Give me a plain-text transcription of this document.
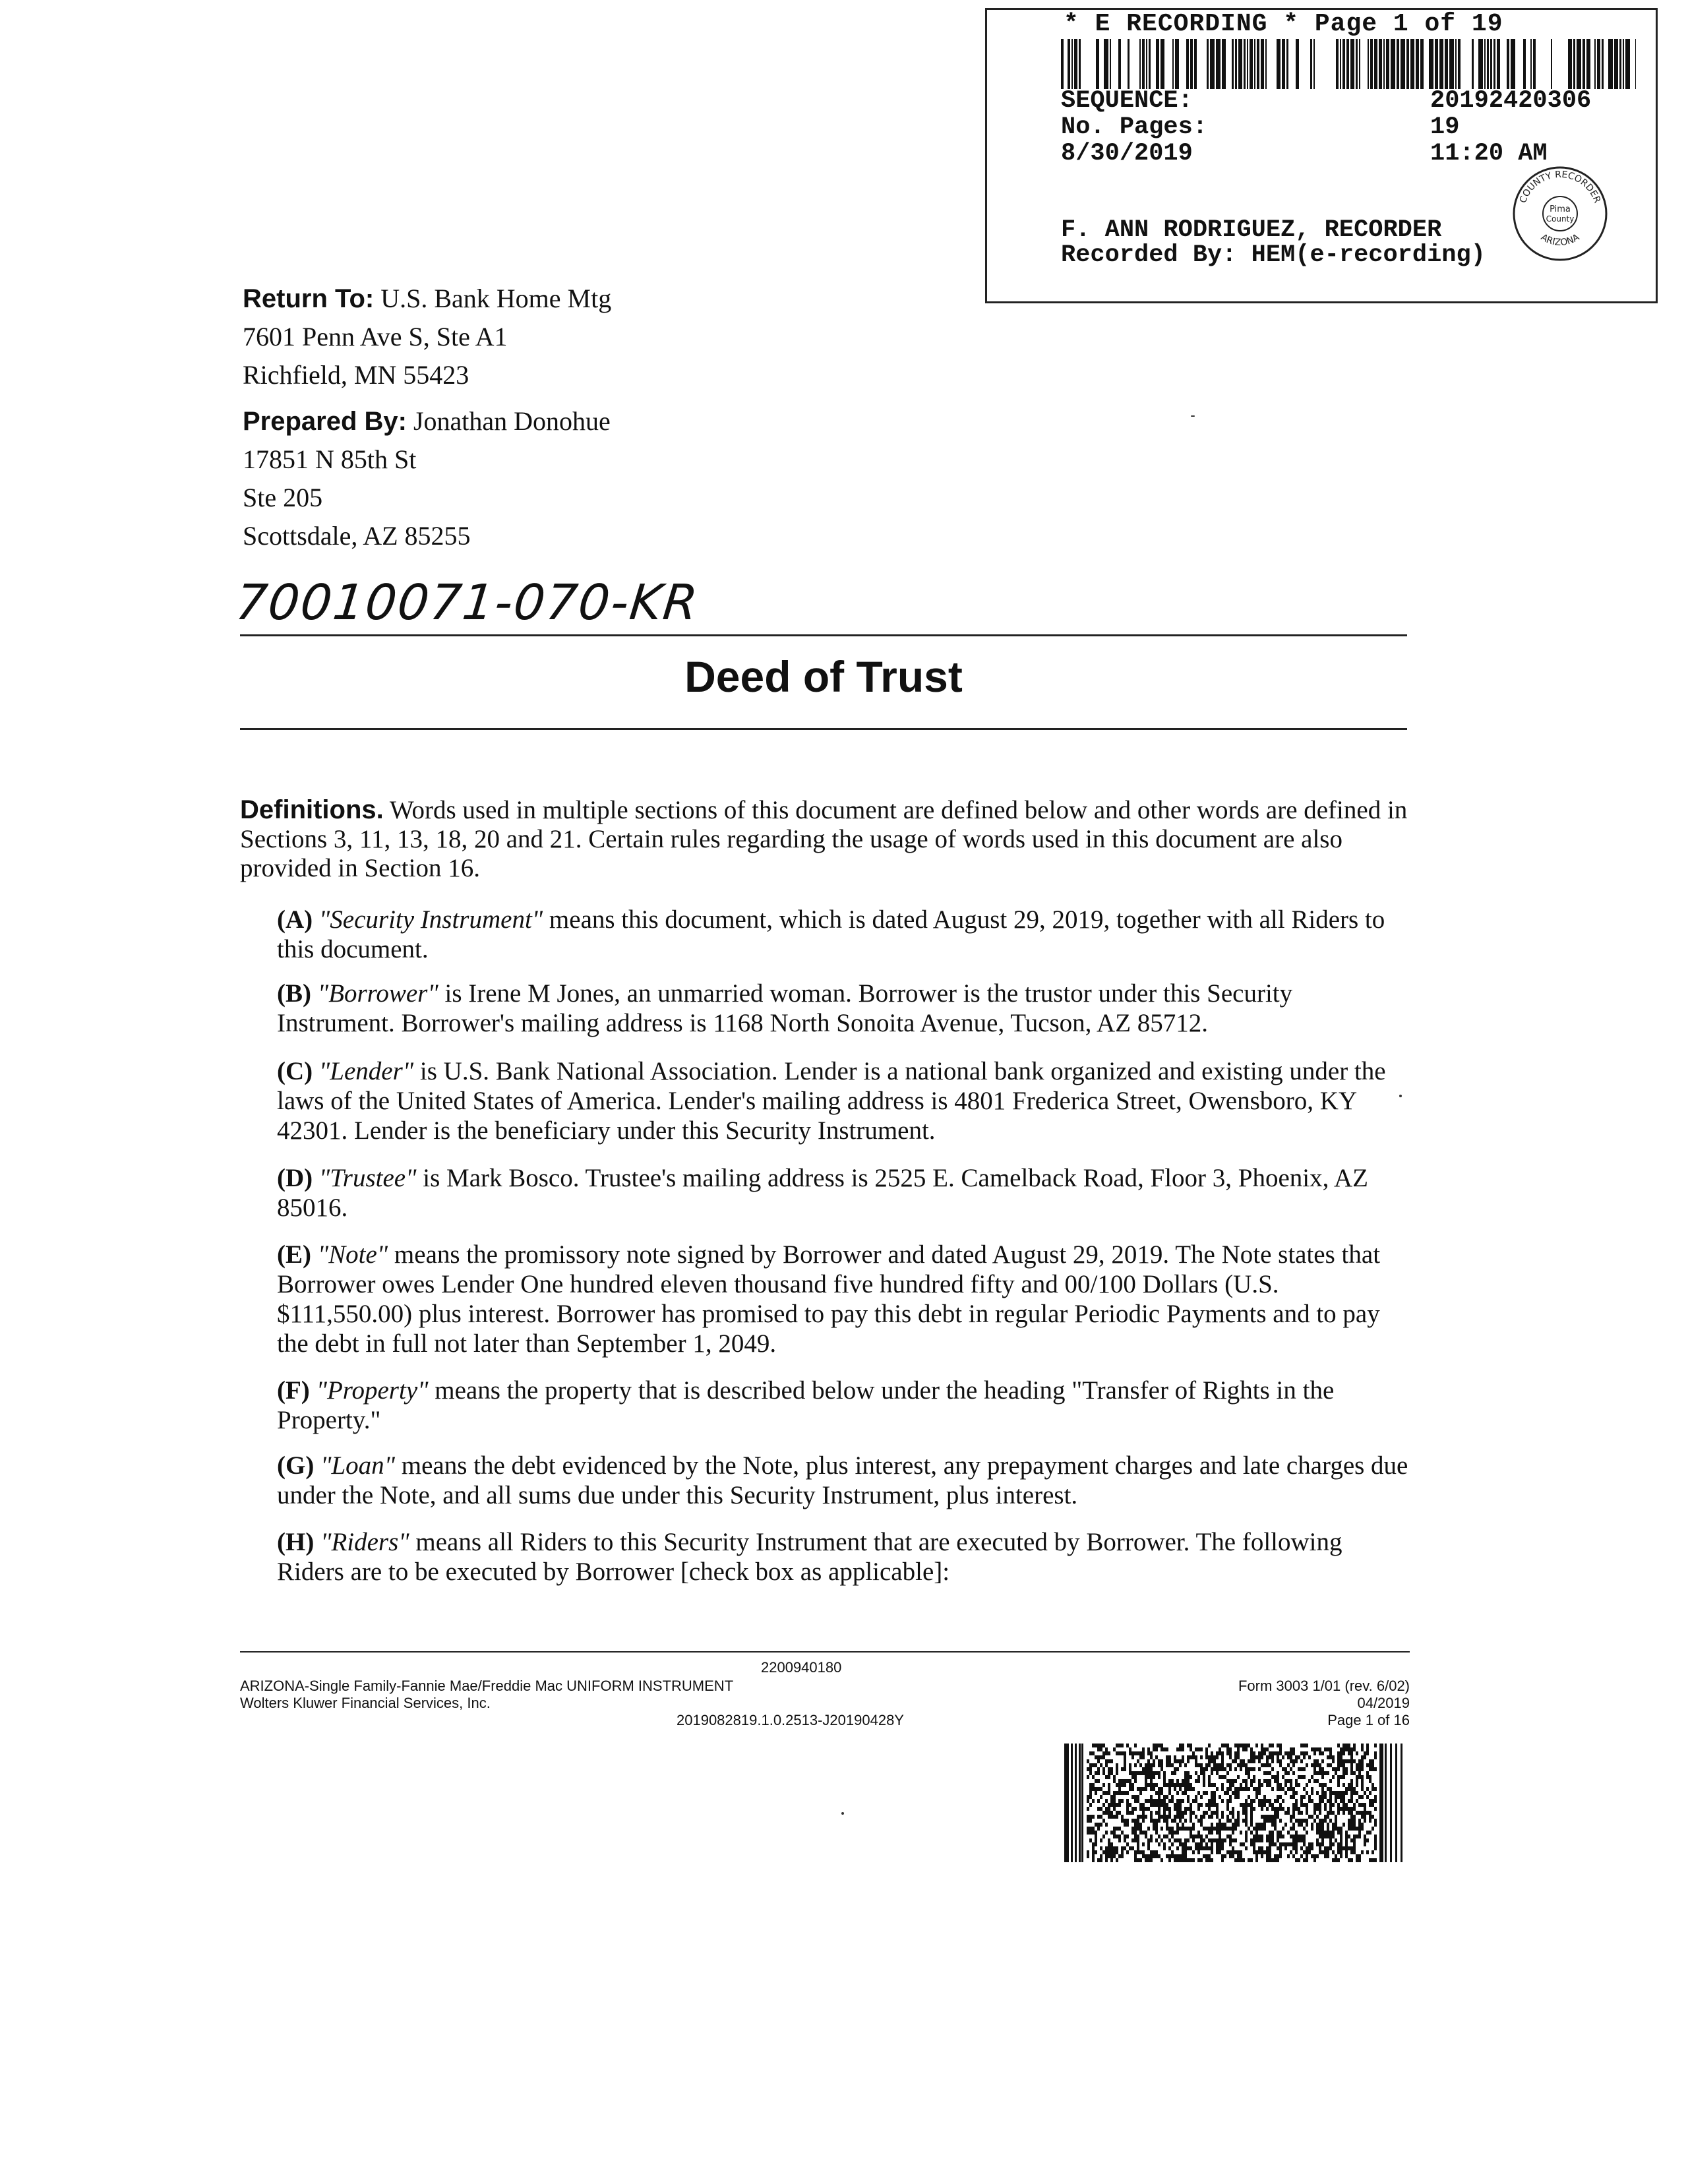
* E RECORDING * Page 1 of 19
SEQUENCE:	20192420306
No. Pages:	19
8/30/2019	11:20 AM
F. ANN RODRIGUEZ, RECORDER
Recorded By: HEM(e-recording)
Pima
County
COUNTY RECORDER
ARIZONA
Return To: U.S. Bank Home Mtg
7601 Penn Ave S, Ste A1
Richfield, MN 55423
Prepared By: Jonathan Donohue
17851 N 85th St
Ste 205
Scottsdale, AZ 85255
70010071-070-KR
Deed of Trust
Definitions. Words used in multiple sections of this document are defined below and other words are defined in Sections 3, 11, 13, 18, 20 and 21. Certain rules regarding the usage of words used in this document are also provided in Section 16.
(A) "Security Instrument" means this document, which is dated August 29, 2019, together with all Riders to this document.
(B) "Borrower" is Irene M Jones, an unmarried woman. Borrower is the trustor under this Security Instrument. Borrower's mailing address is 1168 North Sonoita Avenue, Tucson, AZ 85712.
(C) "Lender" is U.S. Bank National Association. Lender is a national bank organized and existing under the laws of the United States of America. Lender's mailing address is 4801 Frederica Street, Owensboro, KY 42301. Lender is the beneficiary under this Security Instrument.
(D) "Trustee" is Mark Bosco. Trustee's mailing address is 2525 E. Camelback Road, Floor 3, Phoenix, AZ 85016.
(E) "Note" means the promissory note signed by Borrower and dated August 29, 2019. The Note states that Borrower owes Lender One hundred eleven thousand five hundred fifty and 00/100 Dollars (U.S. $111,550.00) plus interest. Borrower has promised to pay this debt in regular Periodic Payments and to pay the debt in full not later than September 1, 2049.
(F) "Property" means the property that is described below under the heading "Transfer of Rights in the Property."
(G) "Loan" means the debt evidenced by the Note, plus interest, any prepayment charges and late charges due under the Note, and all sums due under this Security Instrument, plus interest.
(H) "Riders" means all Riders to this Security Instrument that are executed by Borrower. The following Riders are to be executed by Borrower [check box as applicable]:
2200940180
ARIZONA-Single Family-Fannie Mae/Freddie Mac UNIFORM INSTRUMENT
Wolters Kluwer Financial Services, Inc.
2019082819.1.0.2513-J20190428Y
Form 3003 1/01 (rev. 6/02)
04/2019
Page 1 of 16
